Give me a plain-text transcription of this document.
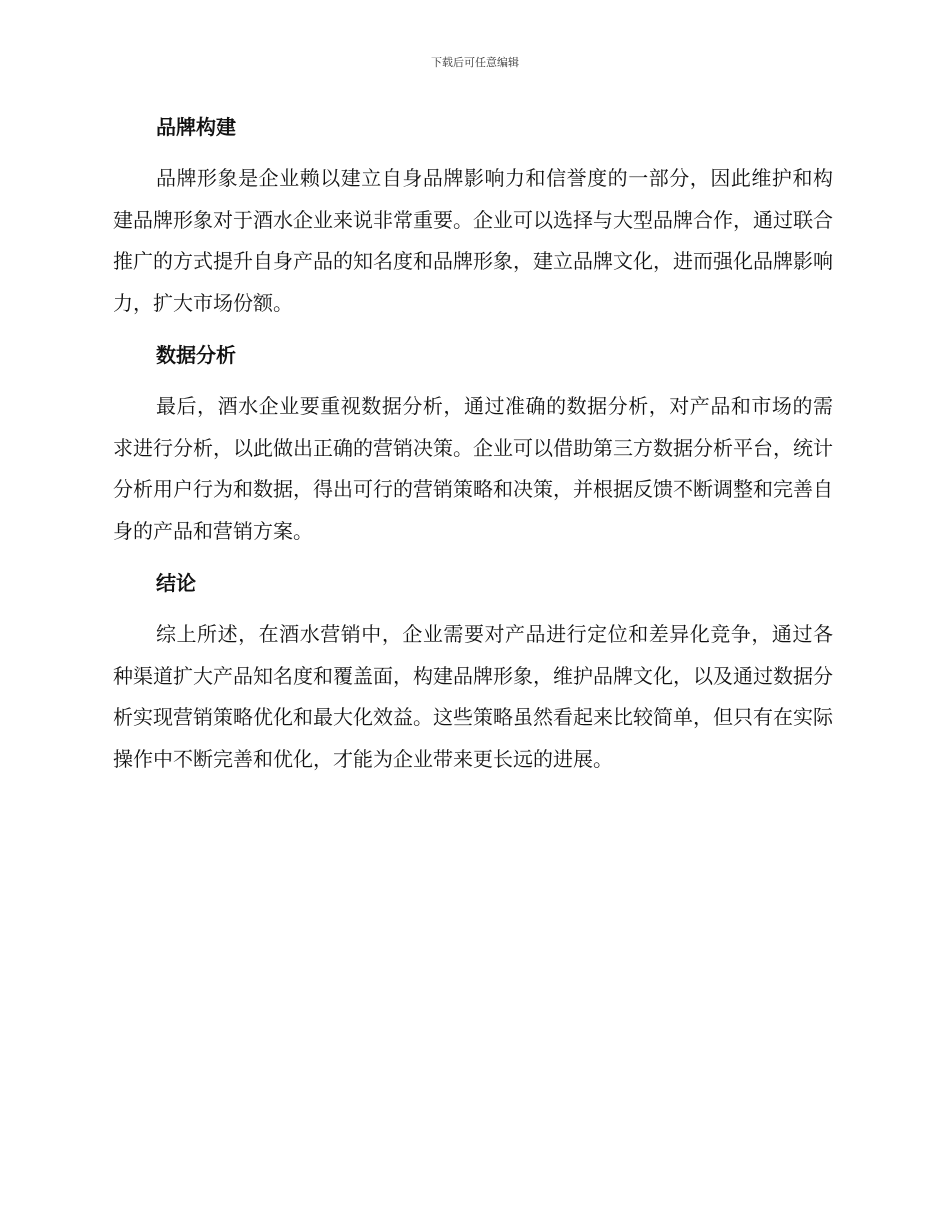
下载后可任意编辑
品牌构建

品牌形象是企业赖以建立自身品牌影响力和信誉度的一部分，因此维护和构建品牌形象对于酒水企业来说非常重要。企业可以选择与大型品牌合作，通过联合推广的方式提升自身产品的知名度和品牌形象，建立品牌文化，进而强化品牌影响力，扩大市场份额。

数据分析

最后，酒水企业要重视数据分析，通过准确的数据分析，对产品和市场的需求进行分析，以此做出正确的营销决策。企业可以借助第三方数据分析平台，统计分析用户行为和数据，得出可行的营销策略和决策，并根据反馈不断调整和完善自身的产品和营销方案。

结论

综上所述，在酒水营销中，企业需要对产品进行定位和差异化竞争，通过各种渠道扩大产品知名度和覆盖面，构建品牌形象，维护品牌文化，以及通过数据分析实现营销策略优化和最大化效益。这些策略虽然看起来比较简单，但只有在实际操作中不断完善和优化，才能为企业带来更长远的进展。
